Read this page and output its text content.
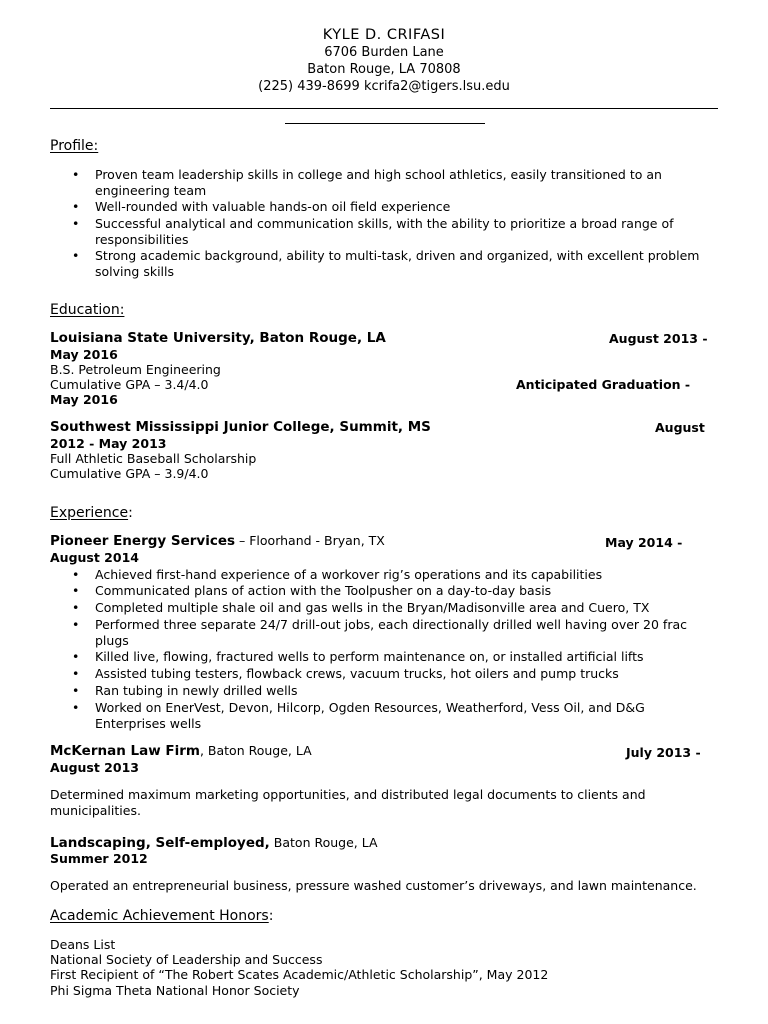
KYLE D. CRIFASI
6706 Burden Lane
Baton Rouge, LA 70808
(225) 439-8699 kcrifa2@tigers.lsu.edu
Profile:
• Proven team leadership skills in college and high school athletics, easily transitioned to an engineering team
• Well-rounded with valuable hands-on oil field experience
• Successful analytical and communication skills, with the ability to prioritize a broad range of responsibilities
• Strong academic background, ability to multi-task, driven and organized, with excellent problem solving skills
Education:
Louisiana State University, Baton Rouge, LA	August 2013 -
May 2016
B.S. Petroleum Engineering
Cumulative GPA – 3.4/4.0	Anticipated Graduation -
May 2016
Southwest Mississippi Junior College, Summit, MS	August
2012 - May 2013
Full Athletic Baseball Scholarship
Cumulative GPA – 3.9/4.0
Experience:
Pioneer Energy Services – Floorhand - Bryan, TX	May 2014 -
August 2014
• Achieved first-hand experience of a workover rig’s operations and its capabilities
• Communicated plans of action with the Toolpusher on a day-to-day basis
• Completed multiple shale oil and gas wells in the Bryan/Madisonville area and Cuero, TX
• Performed three separate 24/7 drill-out jobs, each directionally drilled well having over 20 frac plugs
• Killed live, flowing, fractured wells to perform maintenance on, or installed artificial lifts
• Assisted tubing testers, flowback crews, vacuum trucks, hot oilers and pump trucks
• Ran tubing in newly drilled wells
• Worked on EnerVest, Devon, Hilcorp, Ogden Resources, Weatherford, Vess Oil, and D&G Enterprises wells
McKernan Law Firm, Baton Rouge, LA	July 2013 -
August 2013
Determined maximum marketing opportunities, and distributed legal documents to clients and municipalities.
Landscaping, Self-employed, Baton Rouge, LA
Summer 2012
Operated an entrepreneurial business, pressure washed customer’s driveways, and lawn maintenance.
Academic Achievement Honors:
Deans List
National Society of Leadership and Success
First Recipient of “The Robert Scates Academic/Athletic Scholarship”, May 2012
Phi Sigma Theta National Honor Society
